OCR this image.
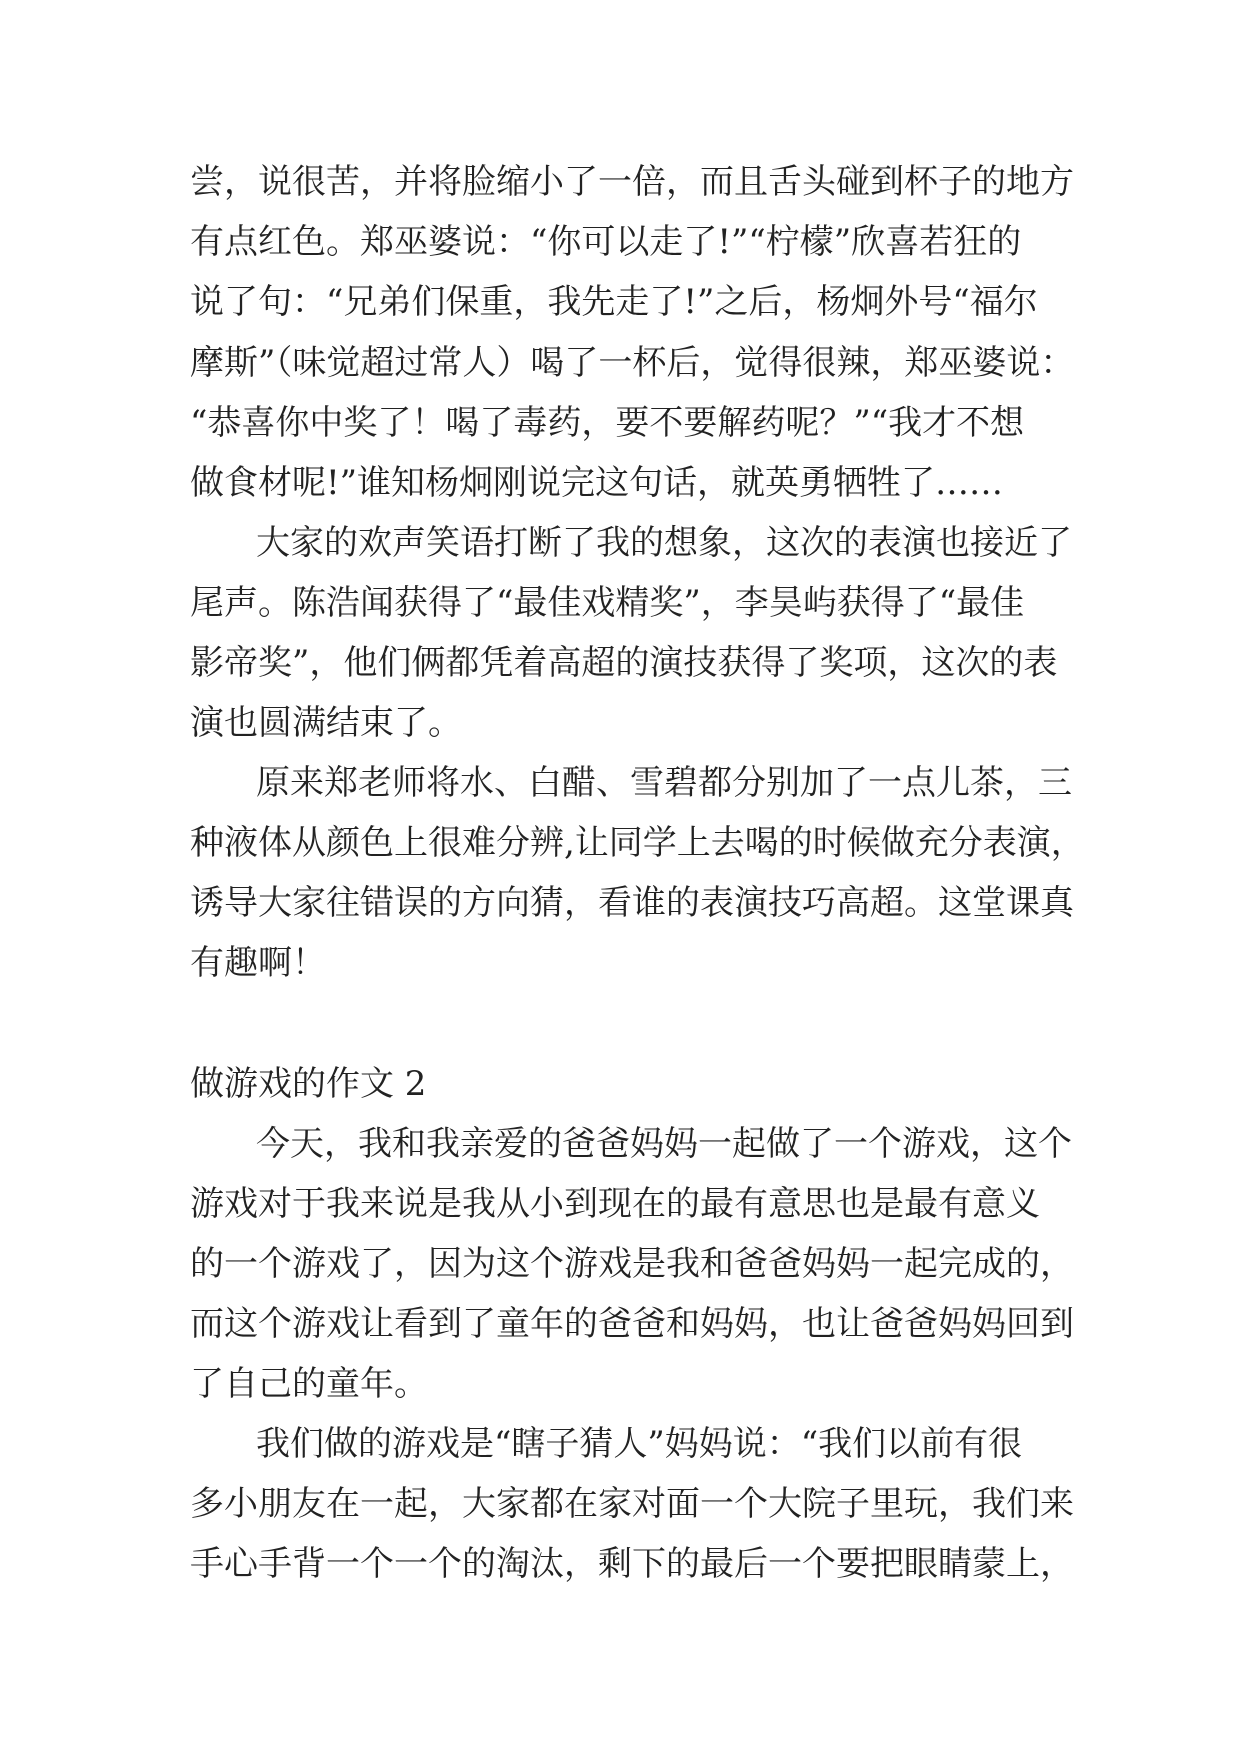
尝，说很苦，并将脸缩小了一倍，而且舌头碰到杯子的地方

有点红色。郑巫婆说：“你可以走了!”“柠檬”欣喜若狂的

说了句：“兄弟们保重，我先走了!”之后，杨炯外号“福尔

摩斯”（味觉超过常人）喝了一杯后，觉得很辣，郑巫婆说：

“恭喜你中奖了！喝了毒药，要不要解药呢？”“我才不想

做食材呢!”谁知杨炯刚说完这句话，就英勇牺牲了……

大家的欢声笑语打断了我的想象，这次的表演也接近了

尾声。陈浩闻获得了“最佳戏精奖”，李昊屿获得了“最佳

影帝奖”，他们俩都凭着高超的演技获得了奖项，这次的表

演也圆满结束了。

原来郑老师将水、白醋、雪碧都分别加了一点儿茶，三

种液体从颜色上很难分辨,让同学上去喝的时候做充分表演，

诱导大家往错误的方向猜，看谁的表演技巧高超。这堂课真

有趣啊！

做游戏的作文 2

今天，我和我亲爱的爸爸妈妈一起做了一个游戏，这个

游戏对于我来说是我从小到现在的最有意思也是最有意义

的一个游戏了，因为这个游戏是我和爸爸妈妈一起完成的，

而这个游戏让看到了童年的爸爸和妈妈，也让爸爸妈妈回到

了自己的童年。

我们做的游戏是“瞎子猜人”妈妈说：“我们以前有很

多小朋友在一起，大家都在家对面一个大院子里玩，我们来

手心手背一个一个的淘汰，剩下的最后一个要把眼睛蒙上，
